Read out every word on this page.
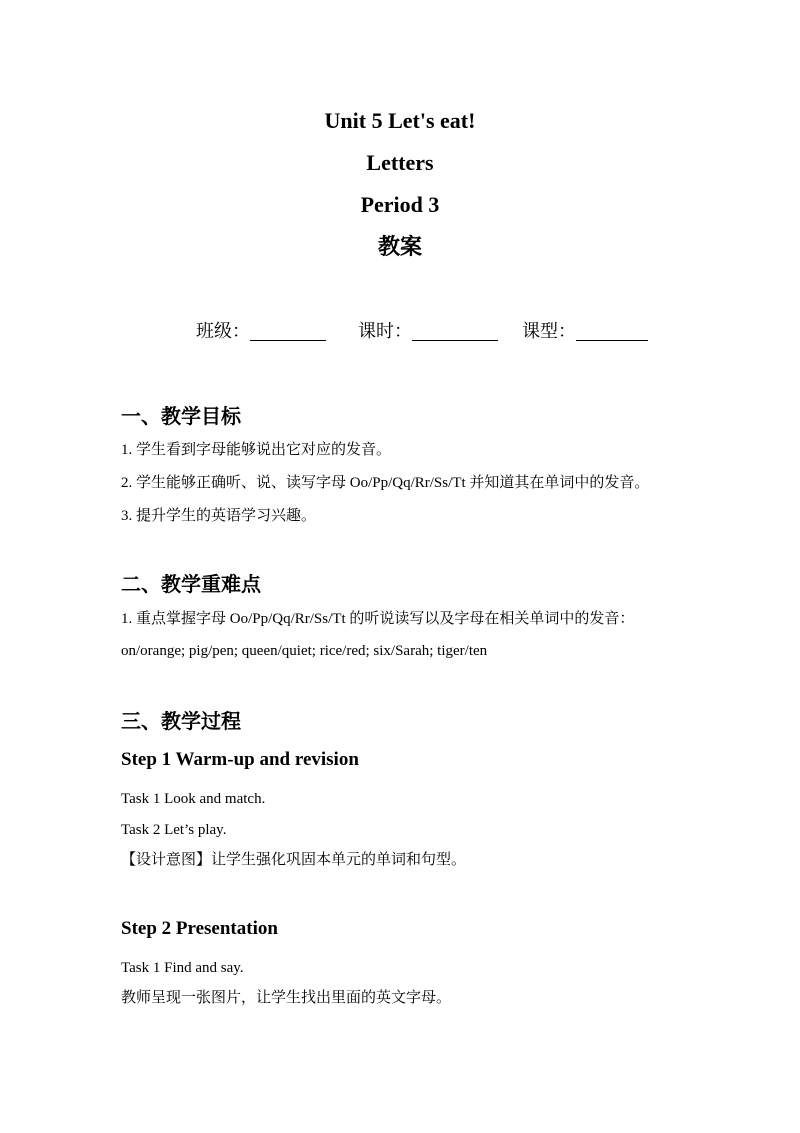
Unit 5 Let's eat!
Letters
Period 3
教案
班级：	课时：	课型：
一、教学目标
1. 学生看到字母能够说出它对应的发音。
2. 学生能够正确听、说、读写字母 Oo/Pp/Qq/Rr/Ss/Tt 并知道其在单词中的发音。
3. 提升学生的英语学习兴趣。
二、教学重难点
1. 重点掌握字母 Oo/Pp/Qq/Rr/Ss/Tt 的听说读写以及字母在相关单词中的发音：
on/orange; pig/pen; queen/quiet; rice/red; six/Sarah; tiger/ten
三、教学过程
Step 1 Warm-up and revision
Task 1 Look and match.
Task 2 Let’s play.
【设计意图】让学生强化巩固本单元的单词和句型。
Step 2 Presentation
Task 1 Find and say.
教师呈现一张图片，让学生找出里面的英文字母。
